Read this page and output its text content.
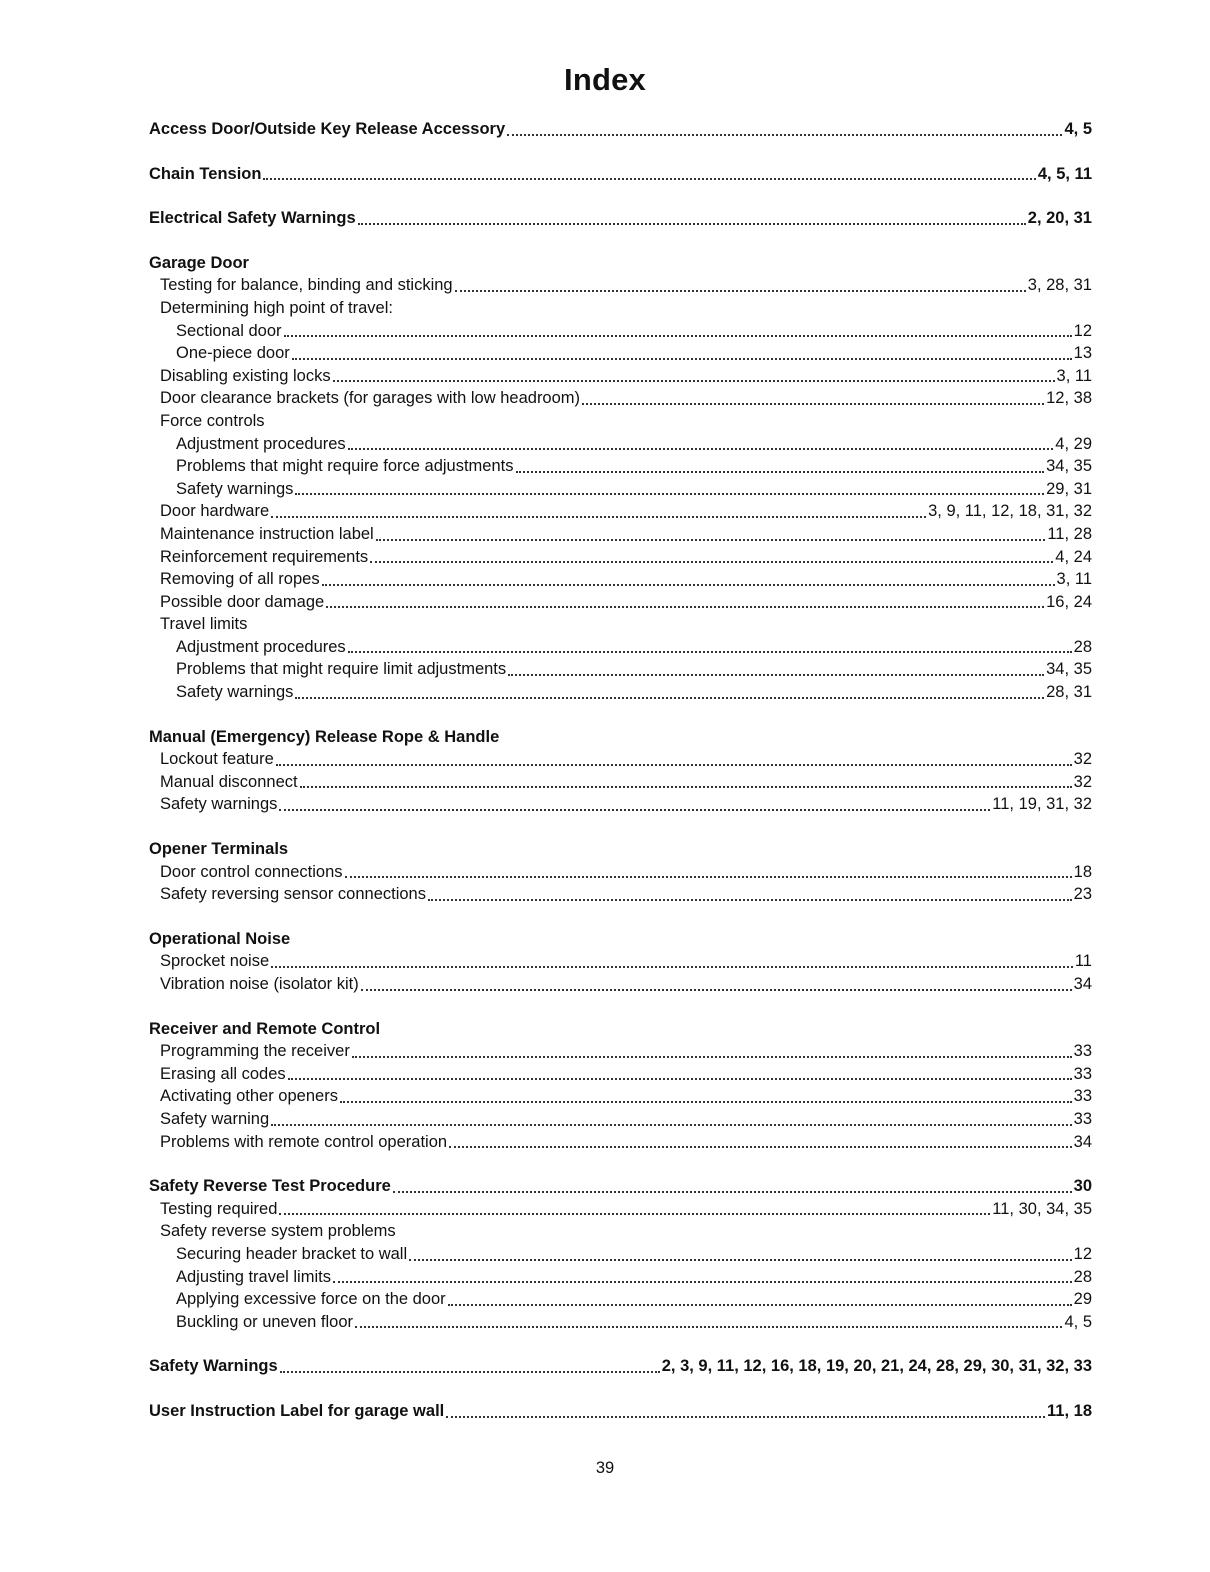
Index
Access Door/Outside Key Release Accessory	4, 5
Chain Tension	4, 5, 11
Electrical Safety Warnings	2, 20, 31
Garage Door
Testing for balance, binding and sticking	3, 28, 31
Determining high point of travel:
Sectional door	12
One-piece door	13
Disabling existing locks	3, 11
Door clearance brackets (for garages with low headroom)	12, 38
Force controls
Adjustment procedures	4, 29
Problems that might require force adjustments	34, 35
Safety warnings	29, 31
Door hardware	3, 9, 11, 12, 18, 31, 32
Maintenance instruction label	11, 28
Reinforcement requirements	4, 24
Removing of all ropes	3, 11
Possible door damage	16, 24
Travel limits
Adjustment procedures	28
Problems that might require limit adjustments	34, 35
Safety warnings	28, 31
Manual (Emergency) Release Rope & Handle
Lockout feature	32
Manual disconnect	32
Safety warnings	11, 19, 31, 32
Opener Terminals
Door control connections	18
Safety reversing sensor connections	23
Operational Noise
Sprocket noise	11
Vibration noise (isolator kit)	34
Receiver and Remote Control
Programming the receiver	33
Erasing all codes	33
Activating other openers	33
Safety warning	33
Problems with remote control operation	34
Safety Reverse Test Procedure	30
Testing required	11, 30, 34, 35
Safety reverse system problems
Securing header bracket to wall	12
Adjusting travel limits	28
Applying excessive force on the door	29
Buckling or uneven floor	4, 5
Safety Warnings	2, 3, 9, 11, 12, 16, 18, 19, 20, 21, 24, 28, 29, 30, 31, 32, 33
User Instruction Label for garage wall	11, 18
39
